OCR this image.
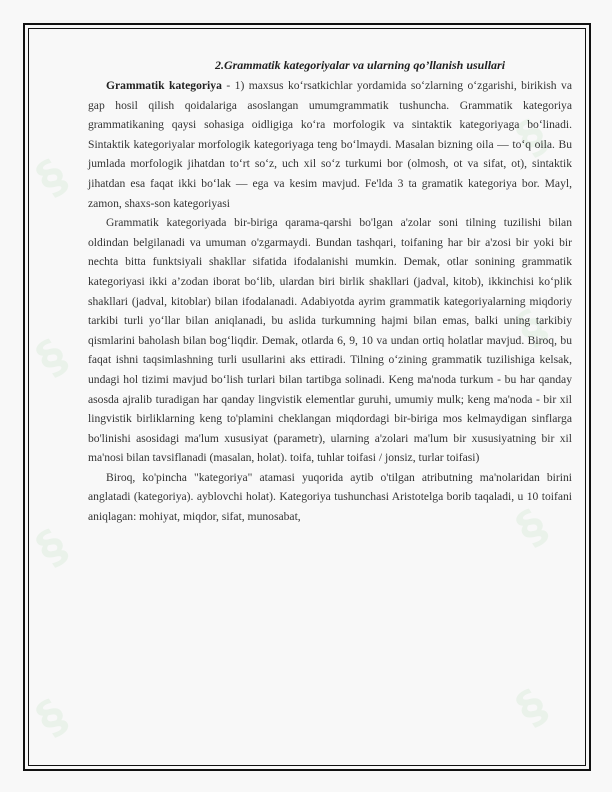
§
§
§
§
§
§
§
§
2.Grammatik kategoriyalar va ularning qo’llanish usullari

Grammatik kategoriya - 1) maxsus ko‘rsatkichlar yordamida so‘zlarning o‘zgarishi, birikish va gap hosil qilish qoidalariga asoslangan umumgrammatik tushuncha. Grammatik kategoriya grammatikaning qaysi sohasiga oidligiga ko‘ra morfologik va sintaktik kategoriyaga bo‘linadi. Sintaktik kategoriyalar morfologik kategoriyaga teng bo‘lmaydi. Masalan bizning oila — to‘q oila. Bu jumlada morfologik jihatdan to‘rt so‘z, uch xil so‘z turkumi bor (olmosh, ot va sifat, ot), sintaktik jihatdan esa faqat ikki bo‘lak — ega va kesim mavjud. Fe'lda 3 ta gramatik kategoriya bor. Mayl, zamon, shaxs-son kategoriyasi

Grammatik kategoriyada bir-biriga qarama-qarshi bo'lgan a'zolar soni tilning tuzilishi bilan oldindan belgilanadi va umuman o'zgarmaydi. Bundan tashqari, toifaning har bir a'zosi bir yoki bir nechta bitta funktsiyali shakllar sifatida ifodalanishi mumkin. Demak, otlar sonining grammatik kategoriyasi ikki a’zodan iborat bo‘lib, ulardan biri birlik shakllari (jadval, kitob), ikkinchisi ko‘plik shakllari (jadval, kitoblar) bilan ifodalanadi. Adabiyotda ayrim grammatik kategoriyalarning miqdoriy tarkibi turli yo‘llar bilan aniqlanadi, bu aslida turkumning hajmi bilan emas, balki uning tarkibiy qismlarini baholash bilan bog‘liqdir. Demak, otlarda 6, 9, 10 va undan ortiq holatlar mavjud. Biroq, bu faqat ishni taqsimlashning turli usullarini aks ettiradi. Tilning o‘zining grammatik tuzilishiga kelsak, undagi hol tizimi mavjud bo‘lish turlari bilan tartibga solinadi. Keng ma'noda turkum - bu har qanday asosda ajralib turadigan har qanday lingvistik elementlar guruhi, umumiy mulk; keng ma'noda - bir xil lingvistik birliklarning keng to'plamini cheklangan miqdordagi bir-biriga mos kelmaydigan sinflarga bo'linishi asosidagi ma'lum xususiyat (parametr), ularning a'zolari ma'lum bir xususiyatning bir xil ma'nosi bilan tavsiflanadi (masalan, holat). toifa, tuhlar toifasi / jonsiz, turlar toifasi)

Biroq, ko'pincha "kategoriya" atamasi yuqorida aytib o'tilgan atributning ma'nolaridan birini anglatadi (kategoriya). ayblovchi holat). Kategoriya tushunchasi Aristotelga borib taqaladi, u 10 toifani aniqlagan: mohiyat, miqdor, sifat, munosabat,
